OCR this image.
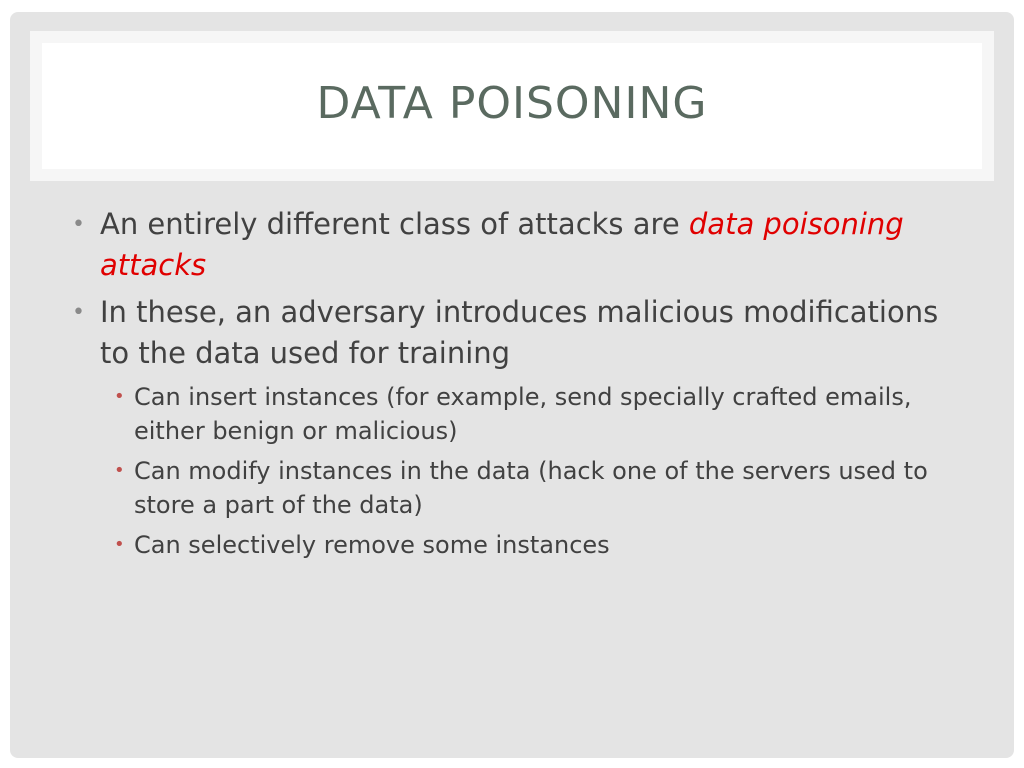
DATA POISONING
• An entirely different class of attacks are data poisoning attacks
• In these, an adversary introduces malicious modifications to the data used for training
• Can insert instances (for example, send specially crafted emails, either benign or malicious)
• Can modify instances in the data (hack one of the servers used to store a part of the data)
• Can selectively remove some instances
